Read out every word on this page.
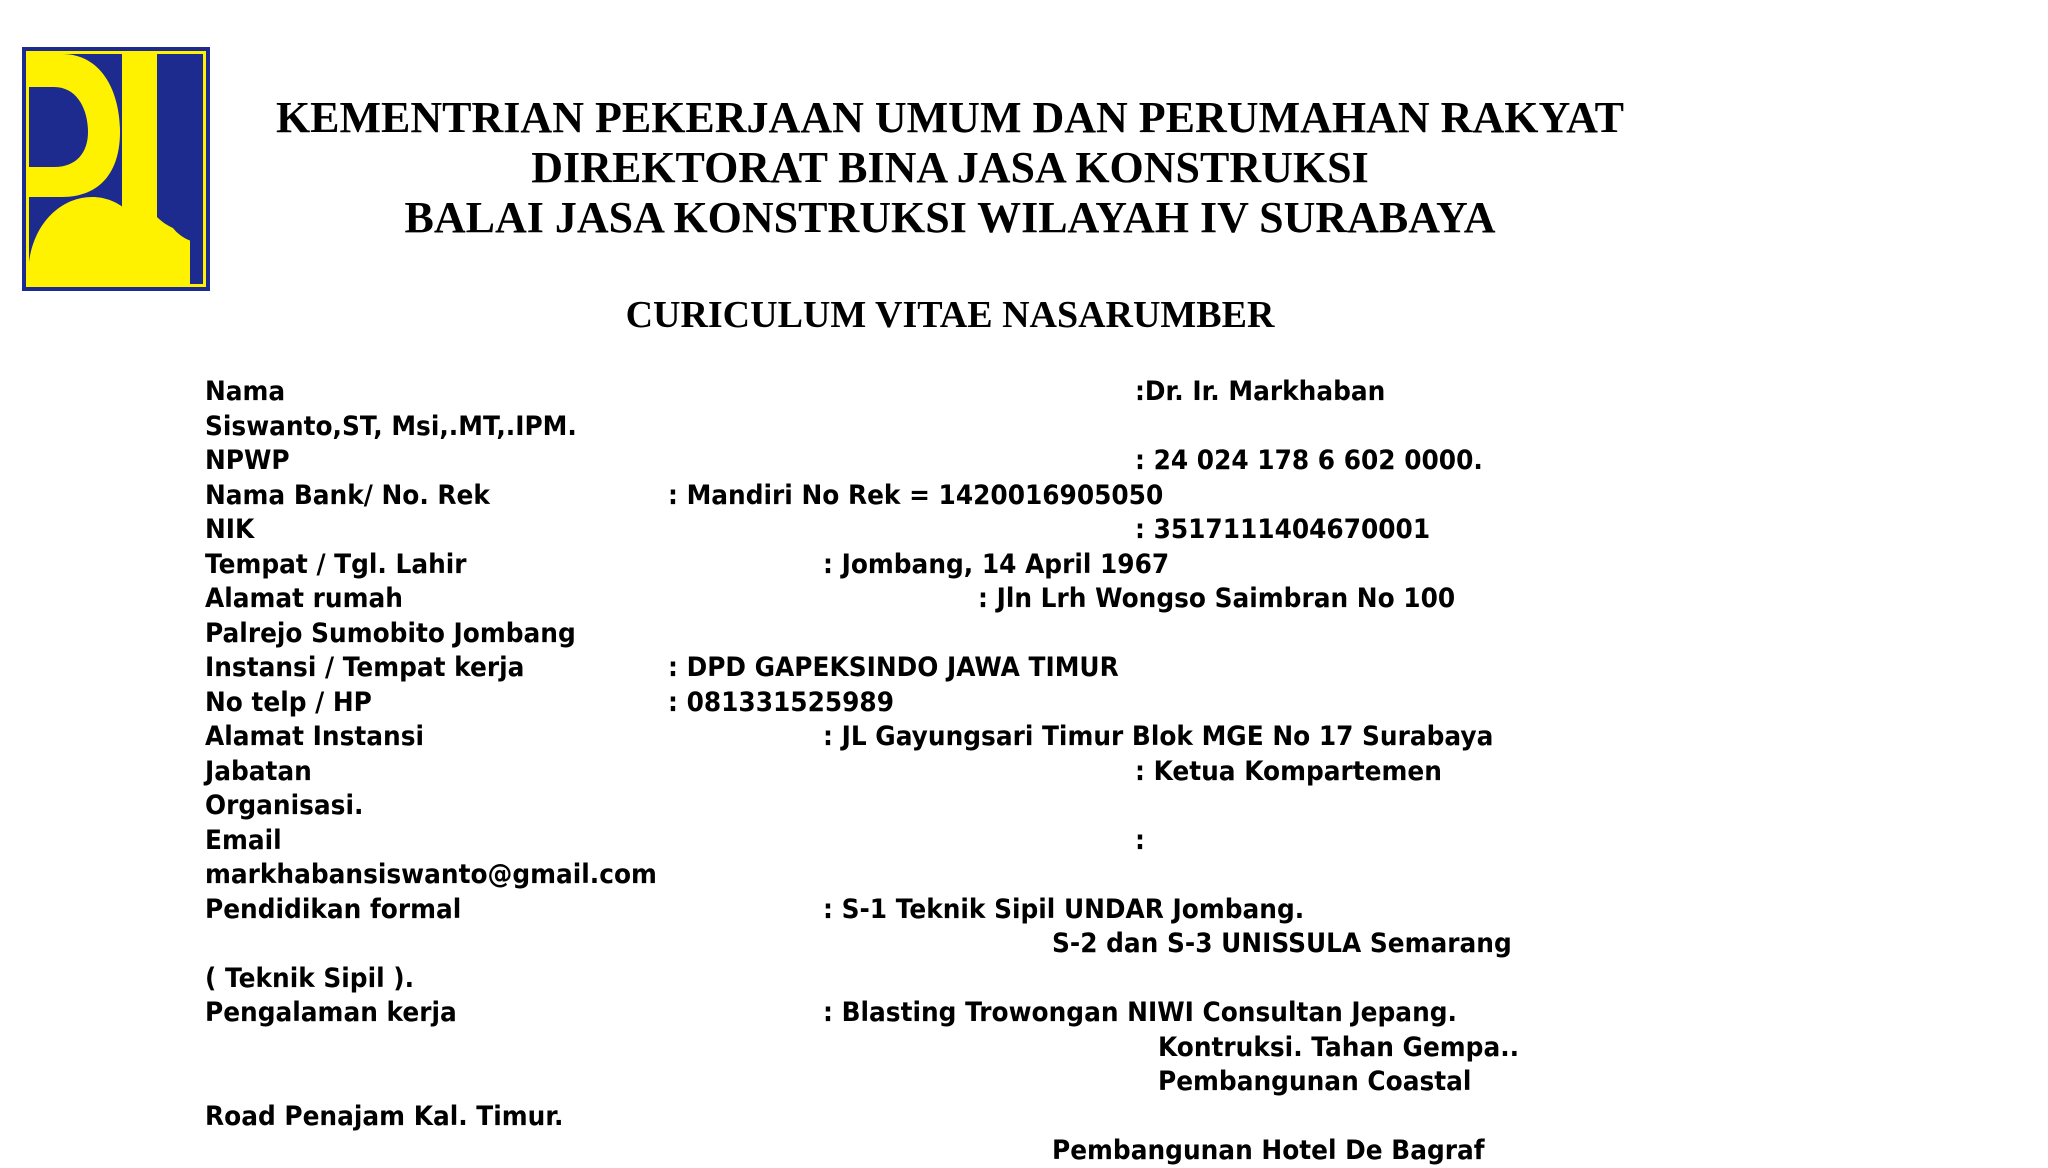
KEMENTRIAN PEKERJAAN UMUM DAN PERUMAHAN RAKYAT
DIREKTORAT BINA JASA KONSTRUKSI
BALAI JASA KONSTRUKSI WILAYAH IV SURABAYA
CURICULUM VITAE NASARUMBER
Nama	:Dr. Ir. Markhaban
Siswanto,ST, Msi,.MT,.IPM.
NPWP	: 24 024 178 6 602 0000.
Nama Bank/ No. Rek	: Mandiri No Rek = 1420016905050
NIK	: 3517111404670001
Tempat / Tgl. Lahir	: Jombang, 14 April 1967
Alamat rumah	: Jln Lrh Wongso Saimbran No 100
Palrejo Sumobito Jombang
Instansi / Tempat kerja	: DPD GAPEKSINDO JAWA TIMUR
No telp / HP	: 081331525989
Alamat Instansi	: JL Gayungsari Timur Blok MGE No 17 Surabaya
Jabatan	: Ketua Kompartemen
Organisasi.
Email	:
markhabansiswanto@gmail.com
Pendidikan formal	: S-1 Teknik Sipil UNDAR Jombang.
S-2 dan S-3 UNISSULA Semarang
( Teknik Sipil ).
Pengalaman kerja	: Blasting Trowongan NIWI Consultan Jepang.
Kontruksi. Tahan Gempa..
Pembangunan Coastal
Road Penajam Kal. Timur.
Pembangunan Hotel De Bagraf
